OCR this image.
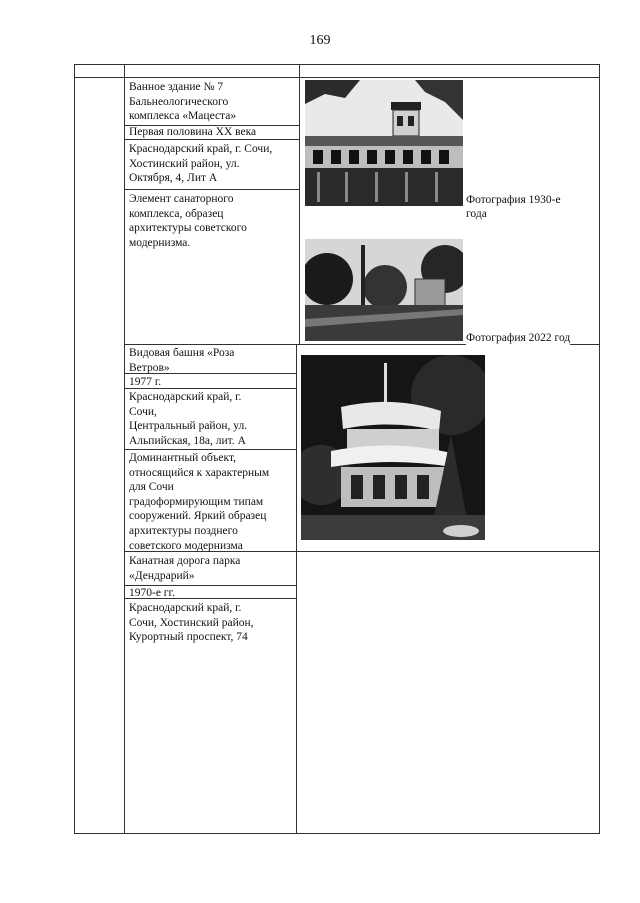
169
Ванное здание № 7
Бальнеологического
комплекса «Мацеста»
Первая половина XX века
Краснодарский край, г. Сочи,
Хостинский район, ул.
Октября, 4, Лит А
Элемент санаторного
комплекса, образец
архитектуры советского
модернизма.
Фотография 1930-е
года
Фотография 2022 год
Видовая башня «Роза
Ветров»
1977 г.
Краснодарский край, г.
Сочи,
Центральный район, ул.
Альпийская, 18а, лит. А
Доминантный объект,
относящийся к характерным
для Сочи
градоформирующим типам
сооружений. Яркий образец
архитектуры позднего
советского модернизма
Канатная дорога парка
«Дендрарий»
1970-е гг.
Краснодарский край, г.
Сочи, Хостинский район,
Курортный проспект, 74
